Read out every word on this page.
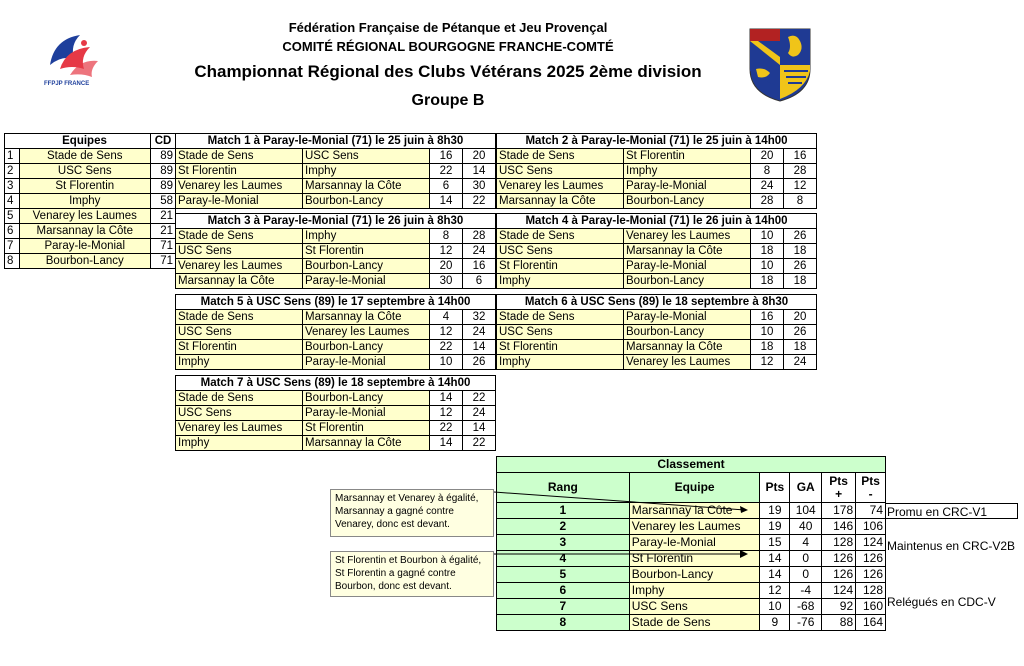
FFPJP FRANCE
Fédération Française de Pétanque et Jeu Provençal
COMITÉ RÉGIONAL BOURGOGNE FRANCHE-COMTÉ
Championnat Régional des Clubs Vétérans 2025 2ème division
Groupe B
	Equipes	CD
1	Stade de Sens	89
2	USC Sens	89
3	St Florentin	89
4	Imphy	58
5	Venarey les Laumes	21
6	Marsannay la Côte	21
7	Paray-le-Monial	71
8	Bourbon-Lancy	71
Match 1 à Paray-le-Monial (71) le 25 juin à 8h30			
Stade de Sens	USC Sens	16	20
St Florentin	Imphy	22	14
Venarey les Laumes	Marsannay la Côte	6	30
Paray-le-Monial	Bourbon-Lancy	14	22
Match 2 à Paray-le-Monial (71) le 25 juin à 14h00			
Stade de Sens	St Florentin	20	16
USC Sens	Imphy	8	28
Venarey les Laumes	Paray-le-Monial	24	12
Marsannay la Côte	Bourbon-Lancy	28	8
Match 3 à Paray-le-Monial (71) le 26 juin à 8h30			
Stade de Sens	Imphy	8	28
USC Sens	St Florentin	12	24
Venarey les Laumes	Bourbon-Lancy	20	16
Marsannay la Côte	Paray-le-Monial	30	6
Match 4 à Paray-le-Monial (71) le 26 juin à 14h00			
Stade de Sens	Venarey les Laumes	10	26
USC Sens	Marsannay la Côte	18	18
St Florentin	Paray-le-Monial	10	26
Imphy	Bourbon-Lancy	18	18
Match 5 à USC Sens (89) le 17 septembre à 14h00			
Stade de Sens	Marsannay la Côte	4	32
USC Sens	Venarey les Laumes	12	24
St Florentin	Bourbon-Lancy	22	14
Imphy	Paray-le-Monial	10	26
Match 6 à USC Sens (89) le 18 septembre à 8h30			
Stade de Sens	Paray-le-Monial	16	20
USC Sens	Bourbon-Lancy	10	26
St Florentin	Marsannay la Côte	18	18
Imphy	Venarey les Laumes	12	24
Match 7 à USC Sens (89) le 18 septembre à 14h00			
Stade de Sens	Bourbon-Lancy	14	22
USC Sens	Paray-le-Monial	12	24
Venarey les Laumes	St Florentin	22	14
Imphy	Marsannay la Côte	14	22
Classement					
Rang	Equipe	Pts	GA	Pts +	Pts -
1	Marsannay la Côte	19	104	178	74
2	Venarey les Laumes	19	40	146	106
3	Paray-le-Monial	15	4	128	124
4	St Florentin	14	0	126	126
5	Bourbon-Lancy	14	0	126	126
6	Imphy	12	-4	124	128
7	USC Sens	10	-68	92	160
8	Stade de Sens	9	-76	88	164
Promu en CRC-V1
Maintenus en CRC-V2B
Relégués en CDC-V
Marsannay et Venarey à égalité, Marsannay a gagné contre Venarey, donc est devant.
St Florentin et Bourbon à égalité, St Florentin a gagné contre Bourbon, donc est devant.
